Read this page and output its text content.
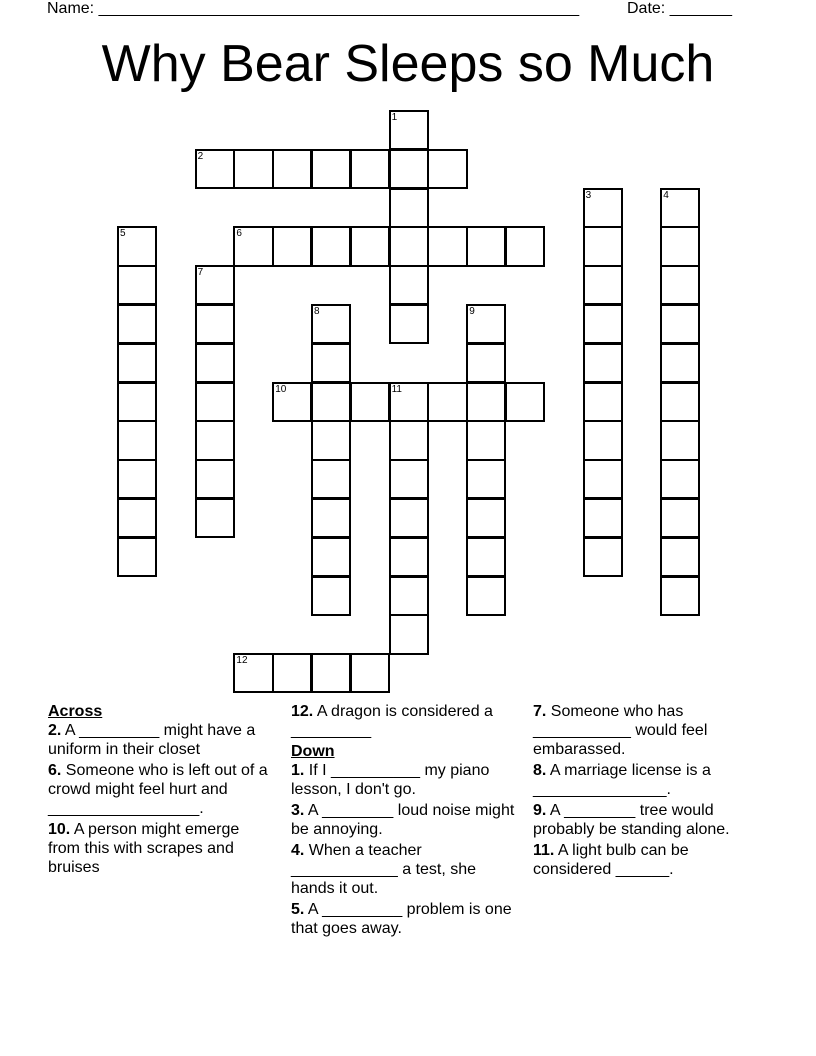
Name: ______________________________________________________	Date: _______
Why Bear Sleeps so Much
1
2
3	4
5	6
7
8	9
10	11
12
Across
2. A _________ might have a uniform in their closet
6. Someone who is left out of a crowd might feel hurt and _________________.
10. A person might emerge from this with scrapes and bruises
12. A dragon is considered a _________
Down
1. If I __________ my piano lesson, I don't go.
3. A ________ loud noise might be annoying.
4. When a teacher ____________ a test, she hands it out.
5. A _________ problem is one that goes away.
7. Someone who has ___________ would feel embarassed.
8. A marriage license is a _______________.
9. A ________ tree would probably be standing alone.
11. A light bulb can be considered ______.
